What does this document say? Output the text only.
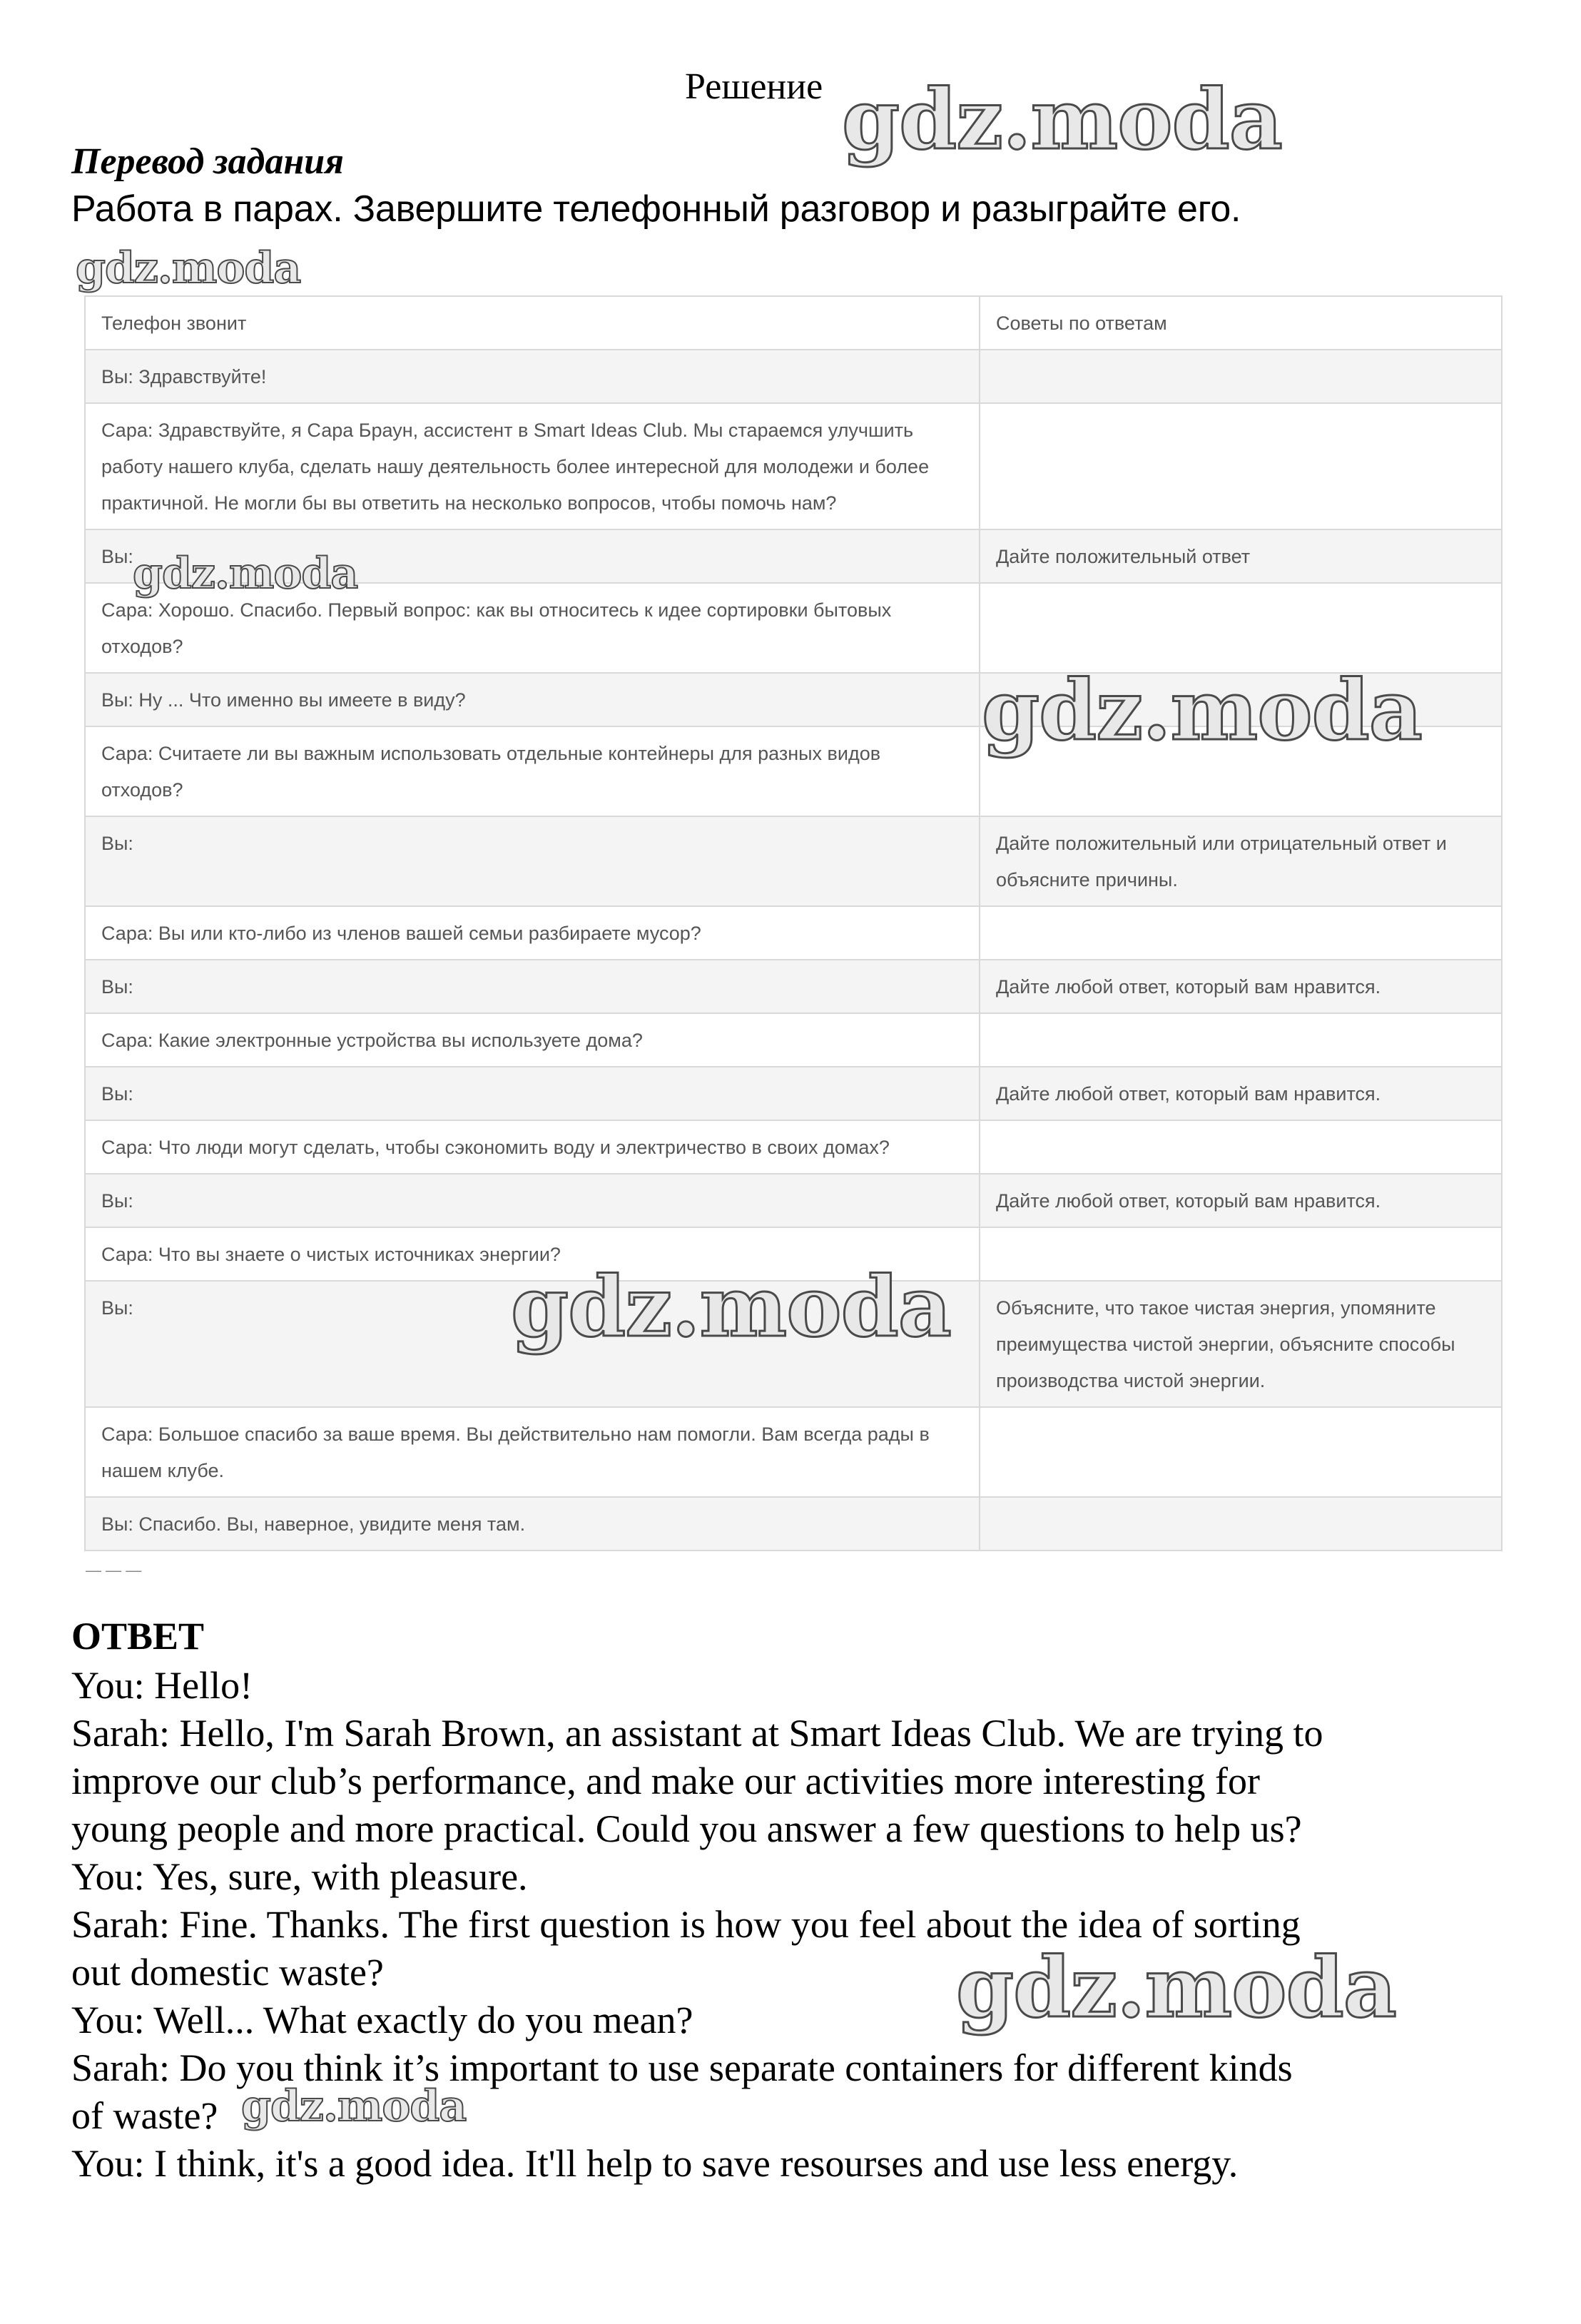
Решение
Перевод задания
Работа в парах. Завершите телефонный разговор и разыграйте его.
Телефон звонит	Советы по ответам
Вы: Здравствуйте!	
Сара: Здравствуйте, я Сара Браун, ассистент в Smart Ideas Club. Мы стараемся улучшить работу нашего клуба, сделать нашу деятельность более интересной для молодежи и более практичной. Не могли бы вы ответить на несколько вопросов, чтобы помочь нам?	
Вы:	Дайте положительный ответ
Сара: Хорошо. Спасибо. Первый вопрос: как вы относитесь к идее сортировки бытовых отходов?	
Вы: Ну ... Что именно вы имеете в виду?	
Сара: Считаете ли вы важным использовать отдельные контейнеры для разных видов отходов?	
Вы:	Дайте положительный или отрицательный ответ и объясните причины.
Сара: Вы или кто-либо из членов вашей семьи разбираете мусор?	
Вы:	Дайте любой ответ, который вам нравится.
Сара: Какие электронные устройства вы используете дома?	
Вы:	Дайте любой ответ, который вам нравится.
Сара: Что люди могут сделать, чтобы сэкономить воду и электричество в своих домах?	
Вы:	Дайте любой ответ, который вам нравится.
Сара: Что вы знаете о чистых источниках энергии?	
Вы:	Объясните, что такое чистая энергия, упомяните преимущества чистой энергии, объясните способы производства чистой энергии.
Сара: Большое спасибо за ваше время. Вы действительно нам помогли. Вам всегда рады в нашем клубе.	
Вы: Спасибо. Вы, наверное, увидите меня там.	
— — —
ОТВЕТ
You: Hello!
Sarah: Hello, I'm Sarah Brown, an assistant at Smart Ideas Club. We are trying to
improve our club’s performance, and make our activities more interesting for
young people and more practical. Could you answer a few questions to help us?
You: Yes, sure, with pleasure.
Sarah: Fine. Thanks. The first question is how you feel about the idea of sorting
out domestic waste?
You: Well... What exactly do you mean?
Sarah: Do you think it’s important to use separate containers for different kinds
of waste?
You: I think, it's a good idea. It'll help to save resourses and use less energy.
gdz.moda
gdz.moda
gdz.moda
gdz.moda
gdz.moda
gdz.moda
gdz.moda
